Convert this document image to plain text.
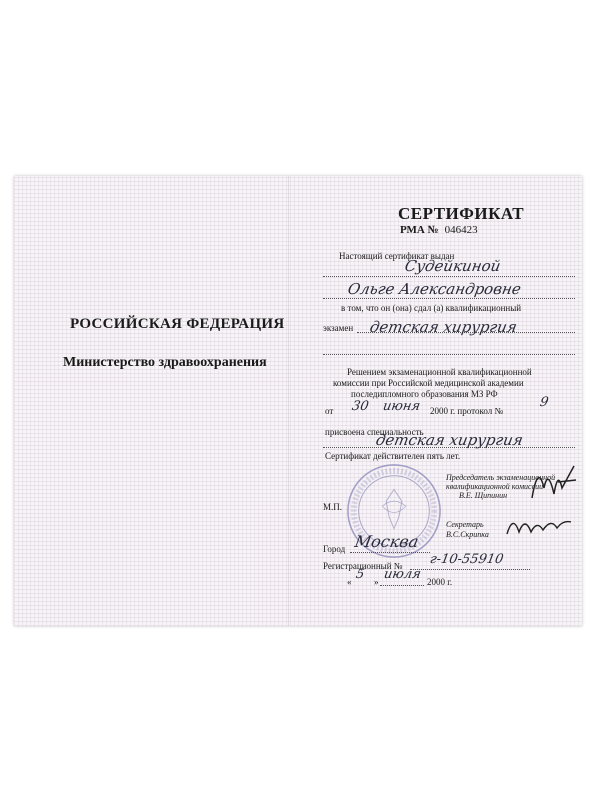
РОССИЙСКАЯ ФЕДЕРАЦИЯ
Министерство здравоохранения
СЕРТИФИКАТ
РМА № 046423
Настоящий сертификат выдан
Судейкиной
Ольге Александровне
в том, что он (она) сдал (а) квалификационный
экзамен детская хирургия
Решением экзаменационной квалификационной
комиссии при Российской медицинской академии
последипломного образования МЗ РФ
от 30 июня 2000 г. протокол №
9
присвоена специальность
детская хирургия
Сертификат действителен пять лет.
Председатель экзаменационной квалификационной комиссии
В.Е. Щипинин
М.П.
Секретарь
В.С.Скрипка
Город Москва
Регистрационный № г-10-55910
« 5 » июля 2000 г.
